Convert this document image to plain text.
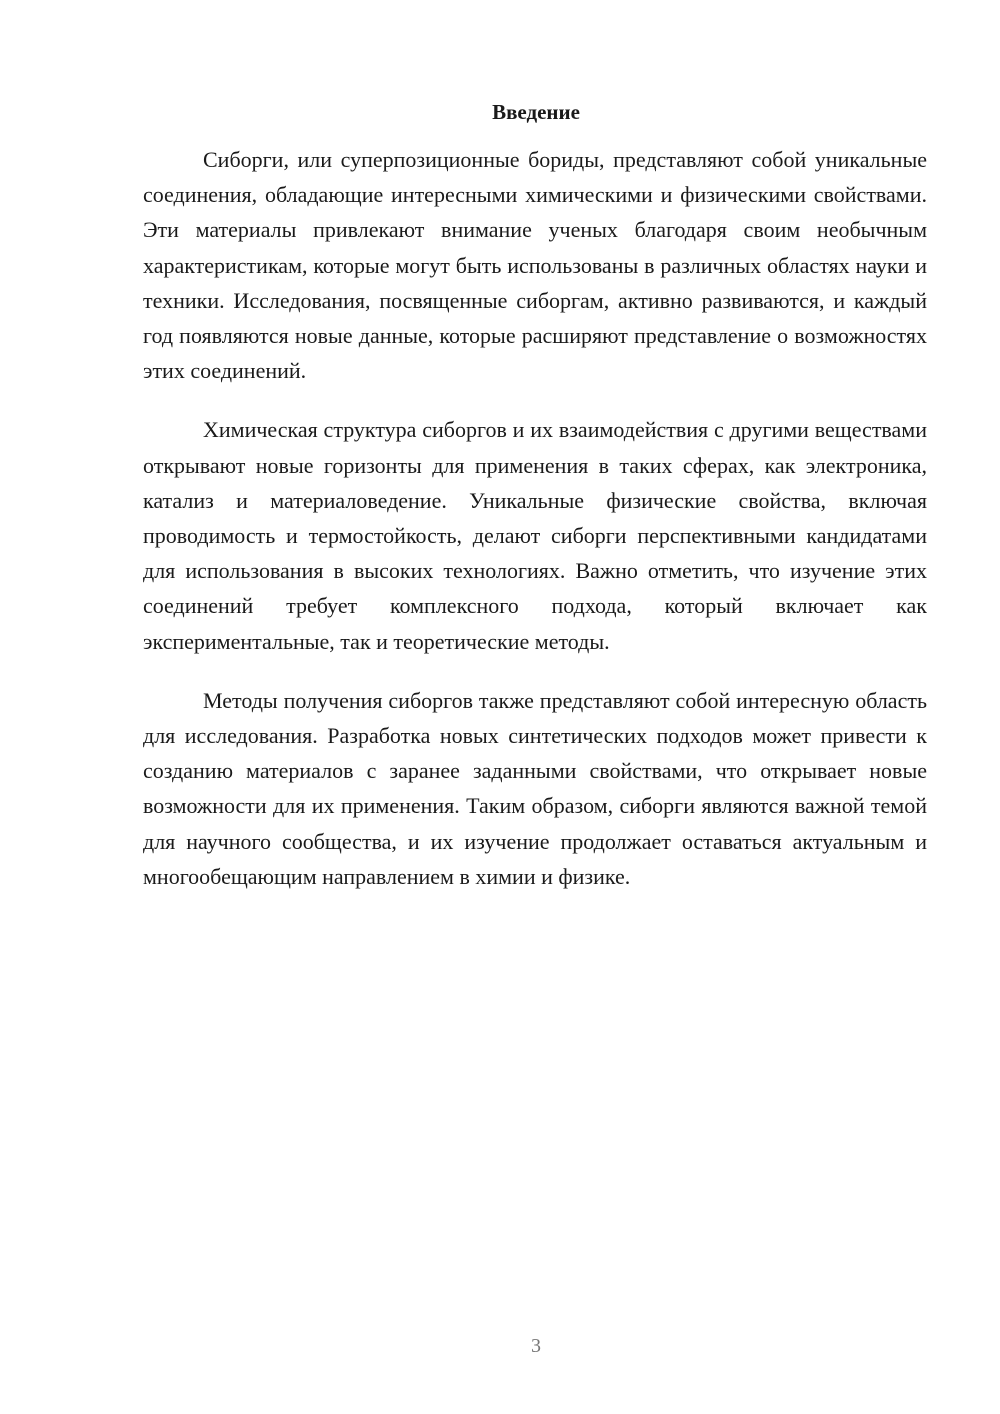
Введение

Сиборги, или суперпозиционные бориды, представляют собой уникальные соединения, обладающие интересными химическими и физическими свойствами. Эти материалы привлекают внимание ученых благодаря своим необычным характеристикам, которые могут быть использованы в различных областях науки и техники. Исследования, посвященные сиборгам, активно развиваются, и каждый год появляются новые данные, которые расширяют представление о возможностях этих соединений.

Химическая структура сиборгов и их взаимодействия с другими веществами открывают новые горизонты для применения в таких сферах, как электроника, катализ и материаловедение. Уникальные физические свойства, включая проводимость и термостойкость, делают сиборги перспективными кандидатами для использования в высоких технологиях. Важно отметить, что изучение этих соединений требует комплексного подхода, который включает как экспериментальные, так и теоретические методы.

Методы получения сиборгов также представляют собой интересную область для исследования. Разработка новых синтетических подходов может привести к созданию материалов с заранее заданными свойствами, что открывает новые возможности для их применения. Таким образом, сиборги являются важной темой для научного сообщества, и их изучение продолжает оставаться актуальным и многообещающим направлением в химии и физике.

3
